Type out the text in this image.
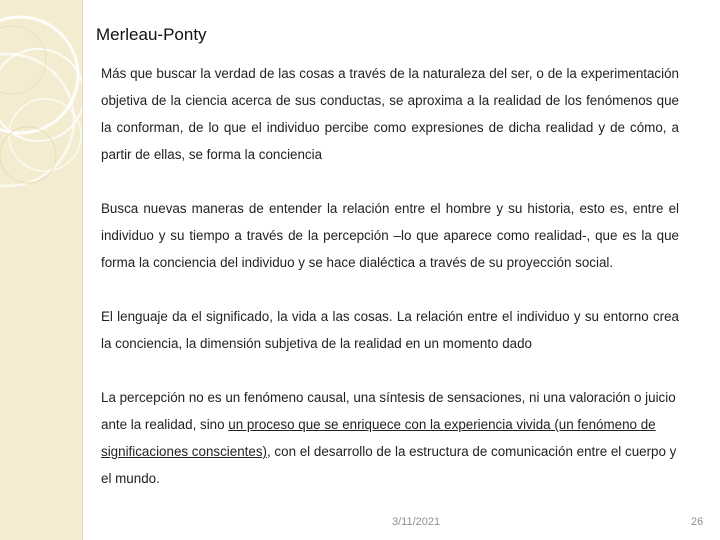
Merleau-Ponty

Más que buscar la verdad de las cosas a través de la naturaleza del ser, o de la experimentación objetiva de la ciencia acerca de sus conductas, se aproxima a la realidad de los fenómenos que la conforman, de lo que el individuo percibe como expresiones de dicha realidad y de cómo, a partir de ellas, se forma la conciencia

Busca nuevas maneras de entender la relación entre el hombre y su historia, esto es, entre el individuo y su tiempo a través de la percepción –lo que aparece como realidad-, que es la que forma la conciencia del individuo y se hace dialéctica a través de su proyección social.

El lenguaje da el significado, la vida a las cosas. La relación entre el individuo y su entorno crea la conciencia, la dimensión subjetiva de la realidad en un momento dado

La percepción no es un fenómeno causal, una síntesis de sensaciones, ni una valoración o juicio ante la realidad, sino un proceso que se enriquece con la experiencia vivida (un fenómeno de significaciones conscientes), con el desarrollo de la estructura de comunicación entre el cuerpo y el mundo.

3/11/2021	26
